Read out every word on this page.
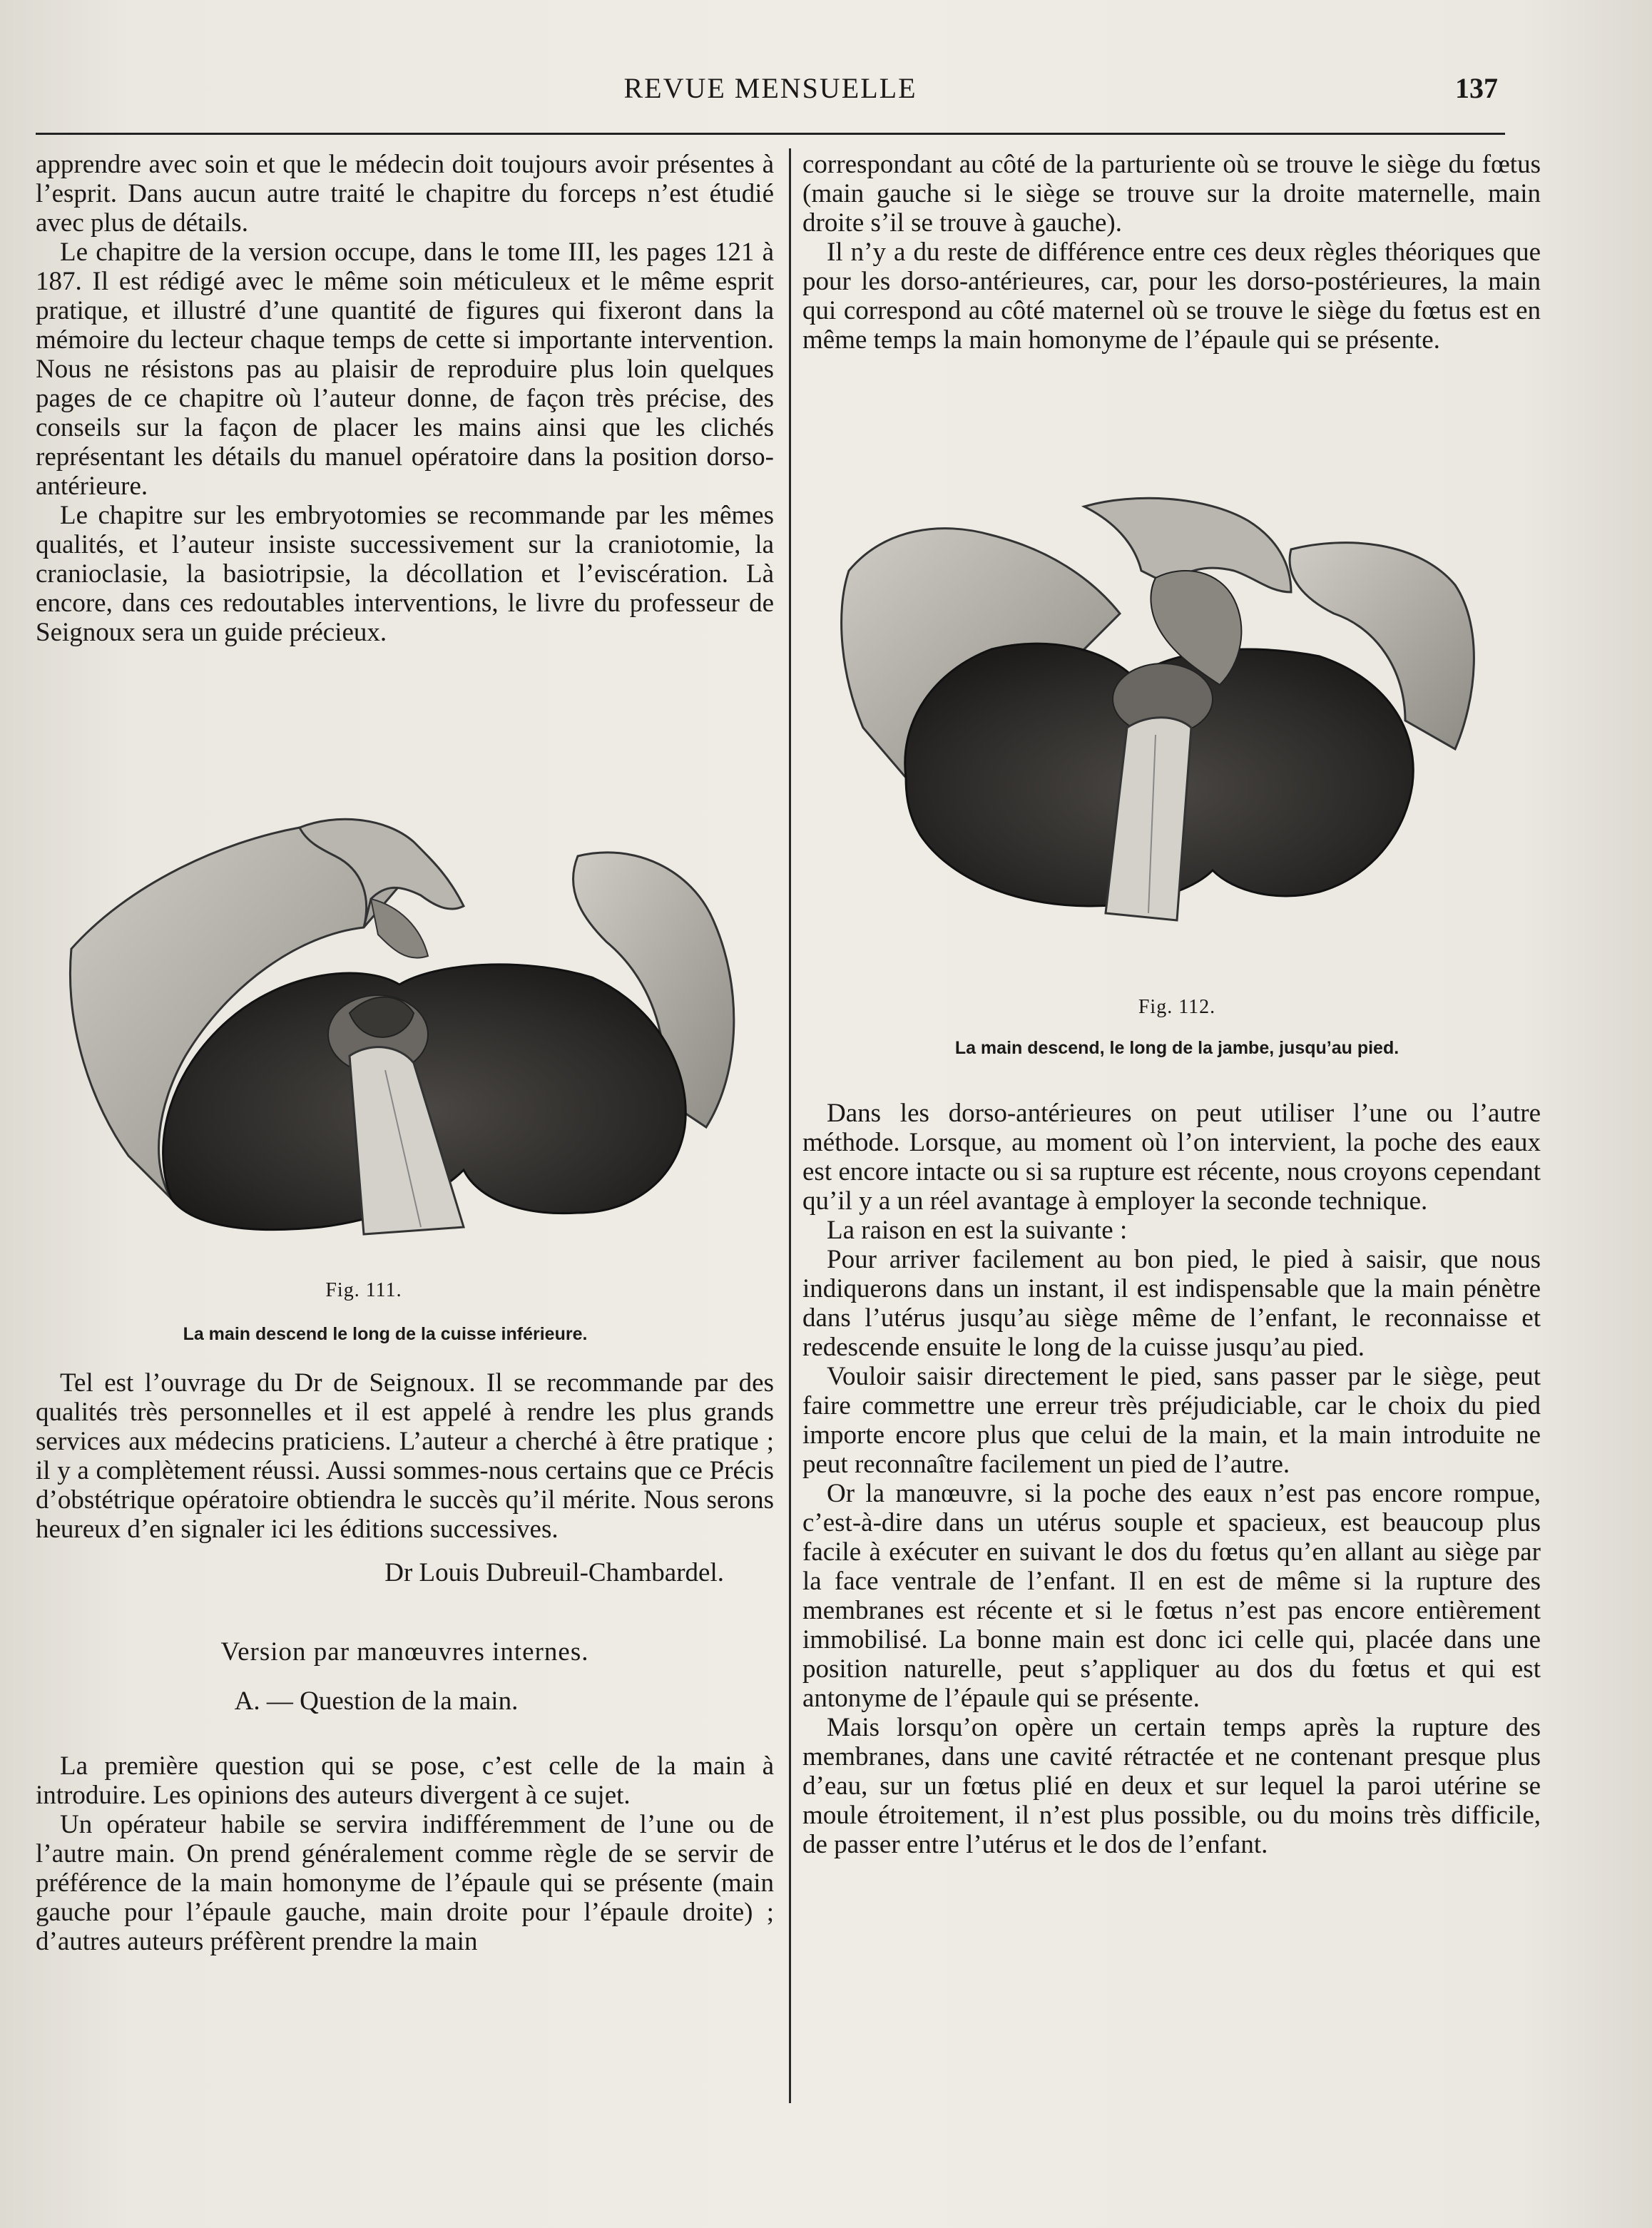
REVUE MENSUELLE	137

apprendre avec soin et que le médecin doit toujours avoir présentes à l’esprit. Dans aucun autre traité le chapitre du forceps n’est étudié avec plus de détails.

Le chapitre de la version occupe, dans le tome III, les pages 121 à 187. Il est rédigé avec le même soin méticuleux et le même esprit pratique, et illustré d’une quantité de figures qui fixeront dans la mémoire du lecteur chaque temps de cette si importante intervention. Nous ne résistons pas au plaisir de reproduire plus loin quelques pages de ce chapitre où l’auteur donne, de façon très précise, des conseils sur la façon de placer les mains ainsi que les clichés représentant les détails du manuel opératoire dans la position dorso-antérieure.

Le chapitre sur les embryotomies se recommande par les mêmes qualités, et l’auteur insiste successivement sur la craniotomie, la cranioclasie, la basiotripsie, la décollation et l’eviscération. Là encore, dans ces redoutables interventions, le livre du professeur de Seignoux sera un guide précieux.

Fig. 111.
La main descend le long de la cuisse inférieure.

Tel est l’ouvrage du Dr de Seignoux. Il se recommande par des qualités très personnelles et il est appelé à rendre les plus grands services aux médecins praticiens. L’auteur a cherché à être pratique ; il y a complètement réussi. Aussi sommes-nous certains que ce Précis d’obstétrique opératoire obtiendra le succès qu’il mérite. Nous serons heureux d’en signaler ici les éditions successives.

Dr Louis Dubreuil-Chambardel.
Version par manœuvres internes.
A. — Question de la main.

La première question qui se pose, c’est celle de la main à introduire. Les opinions des auteurs divergent à ce sujet.

Un opérateur habile se servira indifféremment de l’une ou de l’autre main. On prend généralement comme règle de se servir de préférence de la main homonyme de l’épaule qui se présente (main gauche pour l’épaule gauche, main droite pour l’épaule droite) ; d’autres auteurs préfèrent prendre la main

correspondant au côté de la parturiente où se trouve le siège du fœtus (main gauche si le siège se trouve sur la droite maternelle, main droite s’il se trouve à gauche).

Il n’y a du reste de différence entre ces deux règles théoriques que pour les dorso-antérieures, car, pour les dorso-postérieures, la main qui correspond au côté maternel où se trouve le siège du fœtus est en même temps la main homonyme de l’épaule qui se présente.

Fig. 112.
La main descend, le long de la jambe, jusqu’au pied.

Dans les dorso-antérieures on peut utiliser l’une ou l’autre méthode. Lorsque, au moment où l’on intervient, la poche des eaux est encore intacte ou si sa rupture est récente, nous croyons cependant qu’il y a un réel avantage à employer la seconde technique.

La raison en est la suivante :

Pour arriver facilement au bon pied, le pied à saisir, que nous indiquerons dans un instant, il est indispensable que la main pénètre dans l’utérus jusqu’au siège même de l’enfant, le reconnaisse et redescende ensuite le long de la cuisse jusqu’au pied.

Vouloir saisir directement le pied, sans passer par le siège, peut faire commettre une erreur très préjudiciable, car le choix du pied importe encore plus que celui de la main, et la main introduite ne peut reconnaître facilement un pied de l’autre.

Or la manœuvre, si la poche des eaux n’est pas encore rompue, c’est-à-dire dans un utérus souple et spacieux, est beaucoup plus facile à exécuter en suivant le dos du fœtus qu’en allant au siège par la face ventrale de l’enfant. Il en est de même si la rupture des membranes est récente et si le fœtus n’est pas encore entièrement immobilisé. La bonne main est donc ici celle qui, placée dans une position naturelle, peut s’appliquer au dos du fœtus et qui est antonyme de l’épaule qui se présente.

Mais lorsqu’on opère un certain temps après la rupture des membranes, dans une cavité rétractée et ne contenant presque plus d’eau, sur un fœtus plié en deux et sur lequel la paroi utérine se moule étroitement, il n’est plus possible, ou du moins très difficile, de passer entre l’utérus et le dos de l’enfant.
